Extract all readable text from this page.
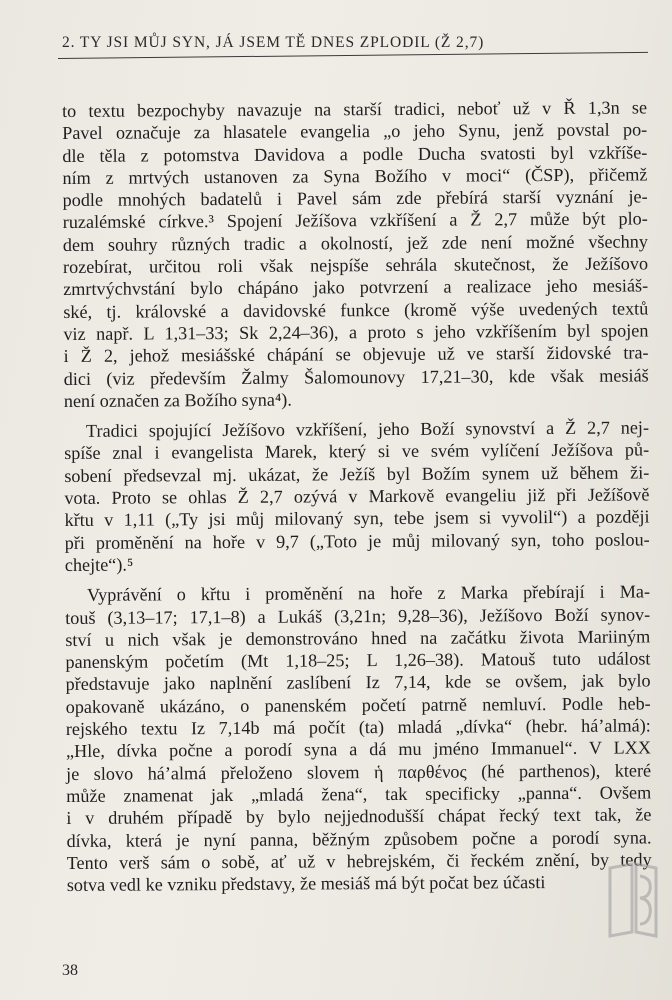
2. TY JSI MŮJ SYN, JÁ JSEM TĚ DNES ZPLODIL (Ž 2,7)
to textu bezpochyby navazuje na starší tradici, neboť už v Ř 1,3n se
Pavel označuje za hlasatele evangelia „o jeho Synu, jenž povstal po-
dle těla z potomstva Davidova a podle Ducha svatosti byl vzkříše-
ním z mrtvých ustanoven za Syna Božího v moci“ (ČSP), přičemž
podle mnohých badatelů i Pavel sám zde přebírá starší vyznání je-
ruzalémské církve.³ Spojení Ježíšova vzkříšení a Ž 2,7 může být plo-
dem souhry různých tradic a okolností, jež zde není možné všechny
rozebírat, určitou roli však nejspíše sehrála skutečnost, že Ježíšovo
zmrtvýchvstání bylo chápáno jako potvrzení a realizace jeho mesiáš-
ské, tj. královské a davidovské funkce (kromě výše uvedených textů
viz např. L 1,31–33; Sk 2,24–36), a proto s jeho vzkříšením byl spojen
i Ž 2, jehož mesiášské chápání se objevuje už ve starší židovské tra-
dici (viz především Žalmy Šalomounovy 17,21–30, kde však mesiáš
není označen za Božího syna⁴).
Tradici spojující Ježíšovo vzkříšení, jeho Boží synovství a Ž 2,7 nej-
spíše znal i evangelista Marek, který si ve svém vylíčení Ježíšova pů-
sobení předsevzal mj. ukázat, že Ježíš byl Božím synem už během ži-
vota. Proto se ohlas Ž 2,7 ozývá v Markově evangeliu již při Ježíšově
křtu v 1,11 („Ty jsi můj milovaný syn, tebe jsem si vyvolil“) a později
při proměnění na hoře v 9,7 („Toto je můj milovaný syn, toho poslou-
chejte“).⁵
Vyprávění o křtu i proměnění na hoře z Marka přebírají i Ma-
touš (3,13–17; 17,1–8) a Lukáš (3,21n; 9,28–36), Ježíšovo Boží synov-
ství u nich však je demonstrováno hned na začátku života Mariiným
panenským početím (Mt 1,18–25; L 1,26–38). Matouš tuto událost
představuje jako naplnění zaslíbení Iz 7,14, kde se ovšem, jak bylo
opakovaně ukázáno, o panenském početí patrně nemluví. Podle heb-
rejského textu Iz 7,14b má počít (ta) mladá „dívka“ (hebr. há’almá):
„Hle, dívka počne a porodí syna a dá mu jméno Immanuel“. V LXX
je slovo há’almá přeloženo slovem ἡ παρθένος (hé parthenos), které
může znamenat jak „mladá žena“, tak specificky „panna“. Ovšem
i v druhém případě by bylo nejjednodušší chápat řecký text tak, že
dívka, která je nyní panna, běžným způsobem počne a porodí syna.
Tento verš sám o sobě, ať už v hebrejském, či řeckém znění, by tedy
sotva vedl ke vzniku představy, že mesiáš má být počat bez účasti
38
